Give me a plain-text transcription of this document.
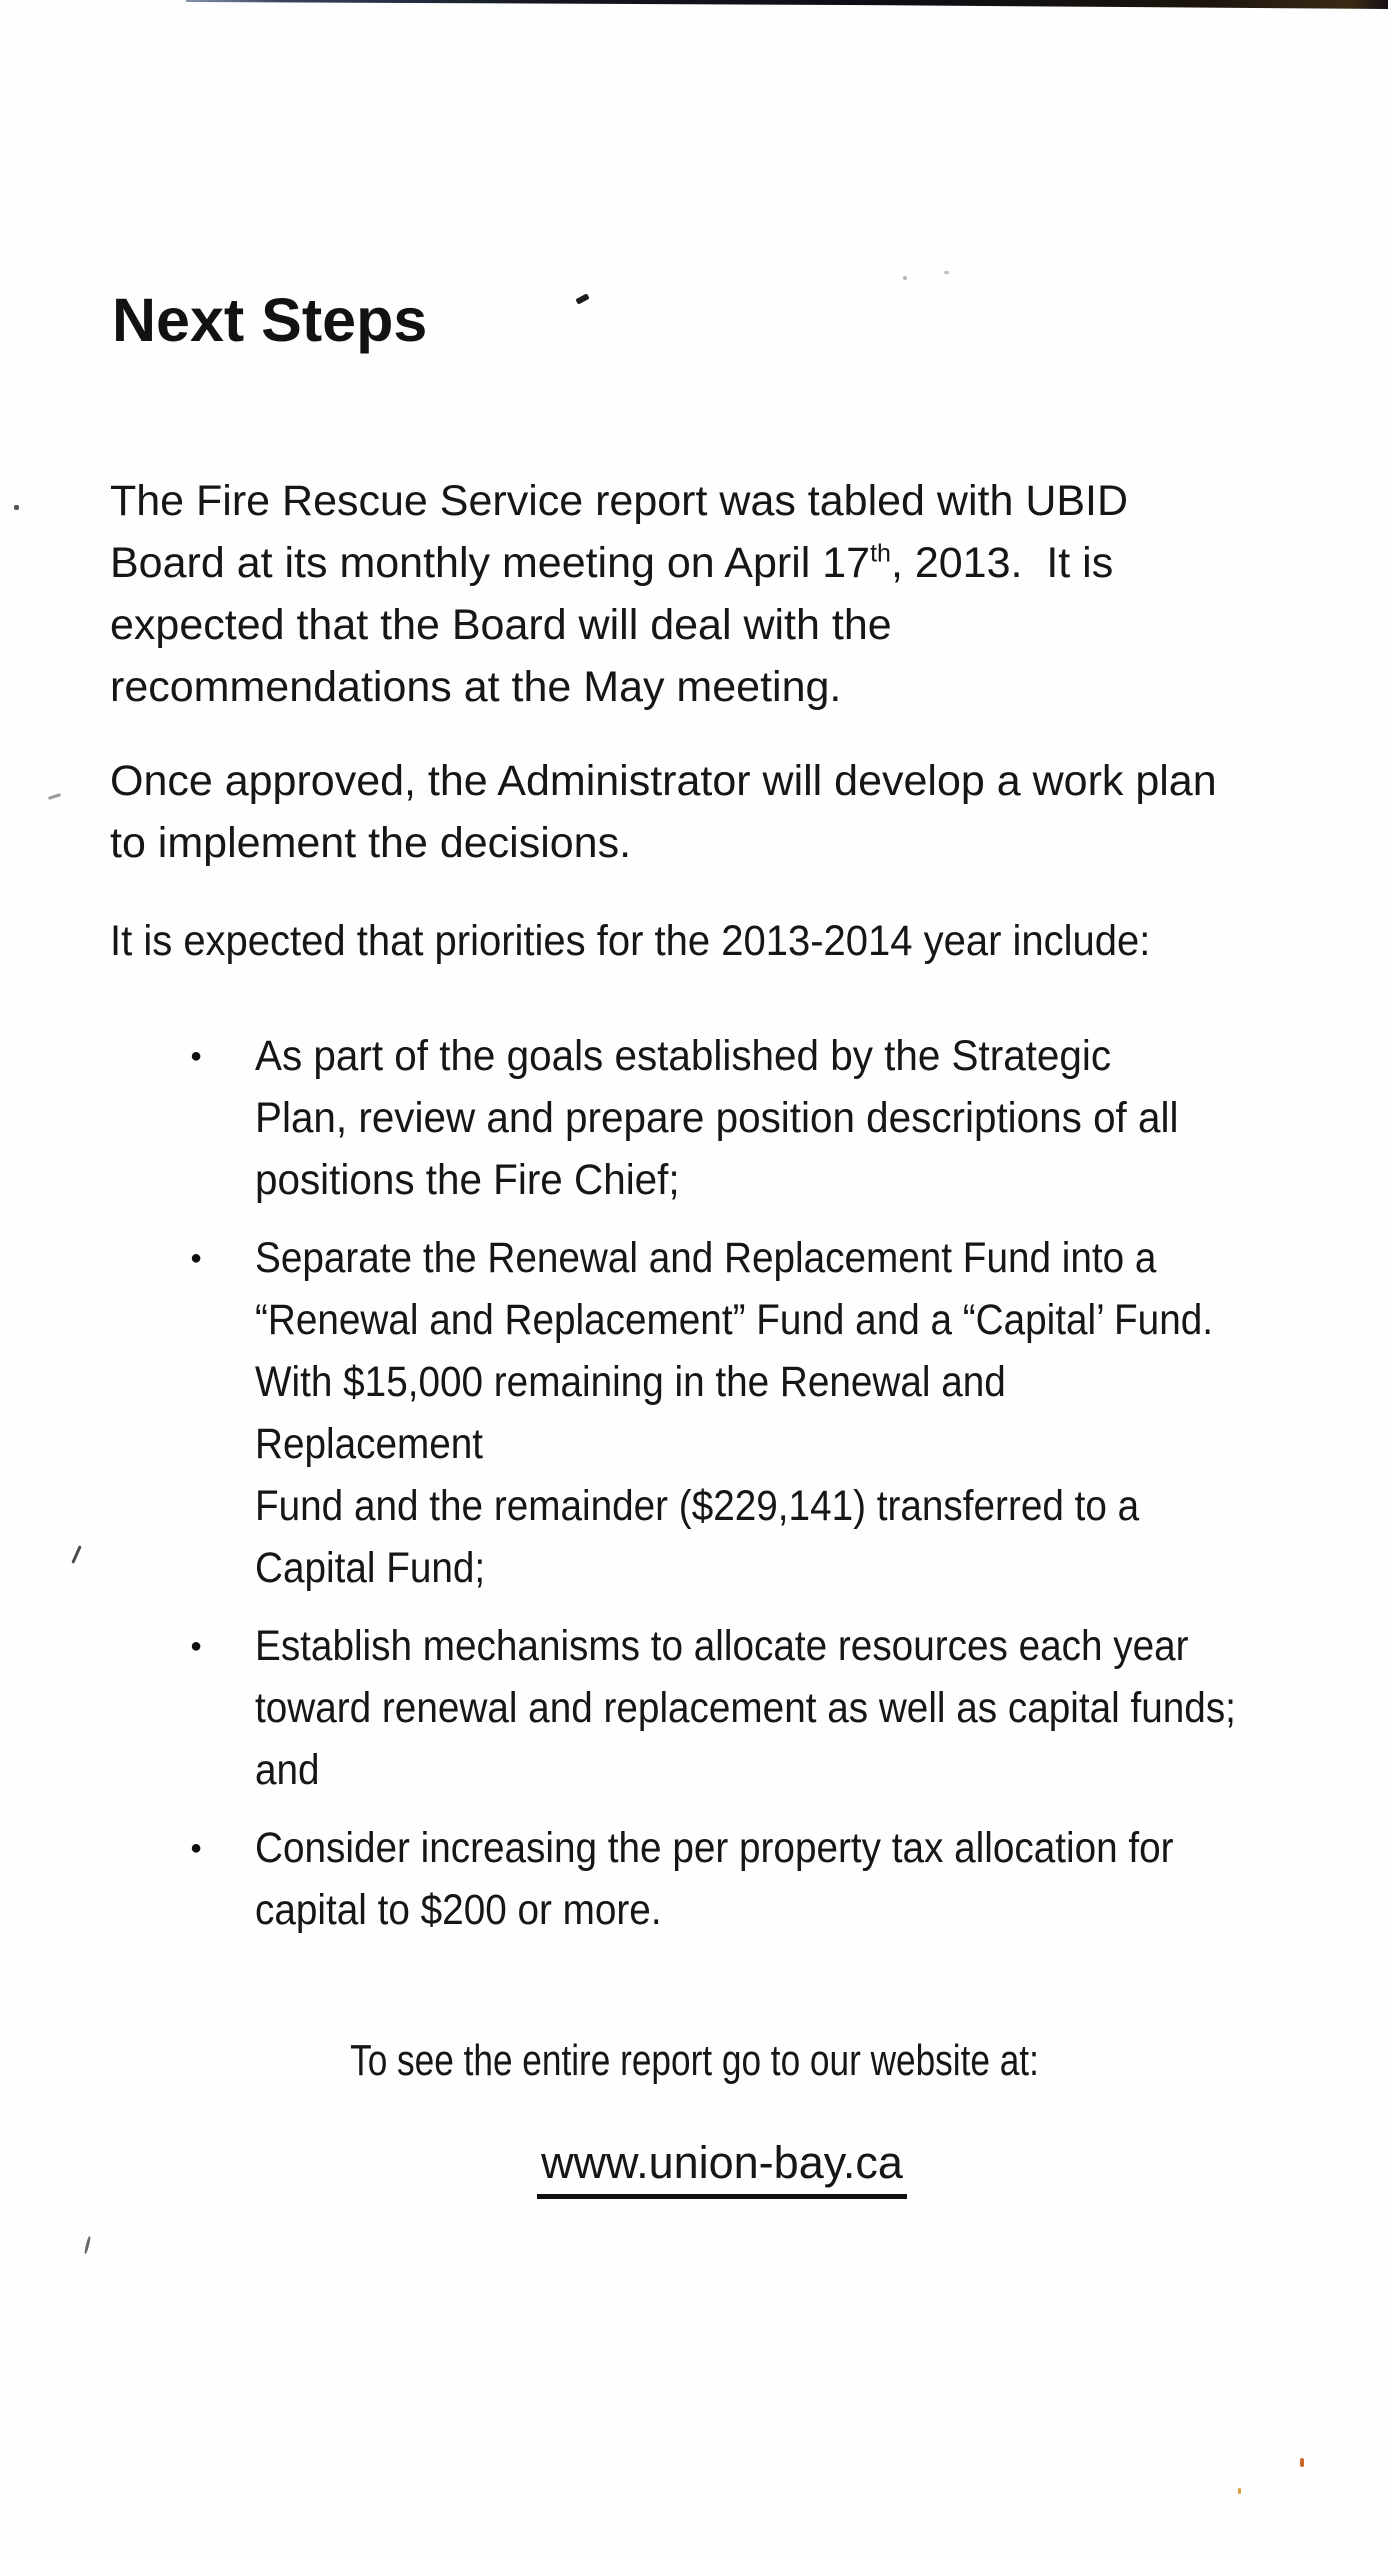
Next Steps
The Fire Rescue Service report was tabled with UBID
Board at its monthly meeting on April 17th, 2013.  It is
expected that the Board will deal with the
recommendations at the May meeting.
Once approved, the Administrator will develop a work plan
to implement the decisions.
It is expected that priorities for the 2013-2014 year include:
●	As part of the goals established by the Strategic
Plan, review and prepare position descriptions of all
positions the Fire Chief;
●	Separate the Renewal and Replacement Fund into a
“Renewal and Replacement” Fund and a “Capital’ Fund.
With $15,000 remaining in the Renewal and Replacement
Fund and the remainder ($229,141) transferred to a
Capital Fund;
●	Establish mechanisms to allocate resources each year
toward renewal and replacement as well as capital funds;
and
●	Consider increasing the per property tax allocation for
capital to $200 or more.
To see the entire report go to our website at:
www.union-bay.ca
